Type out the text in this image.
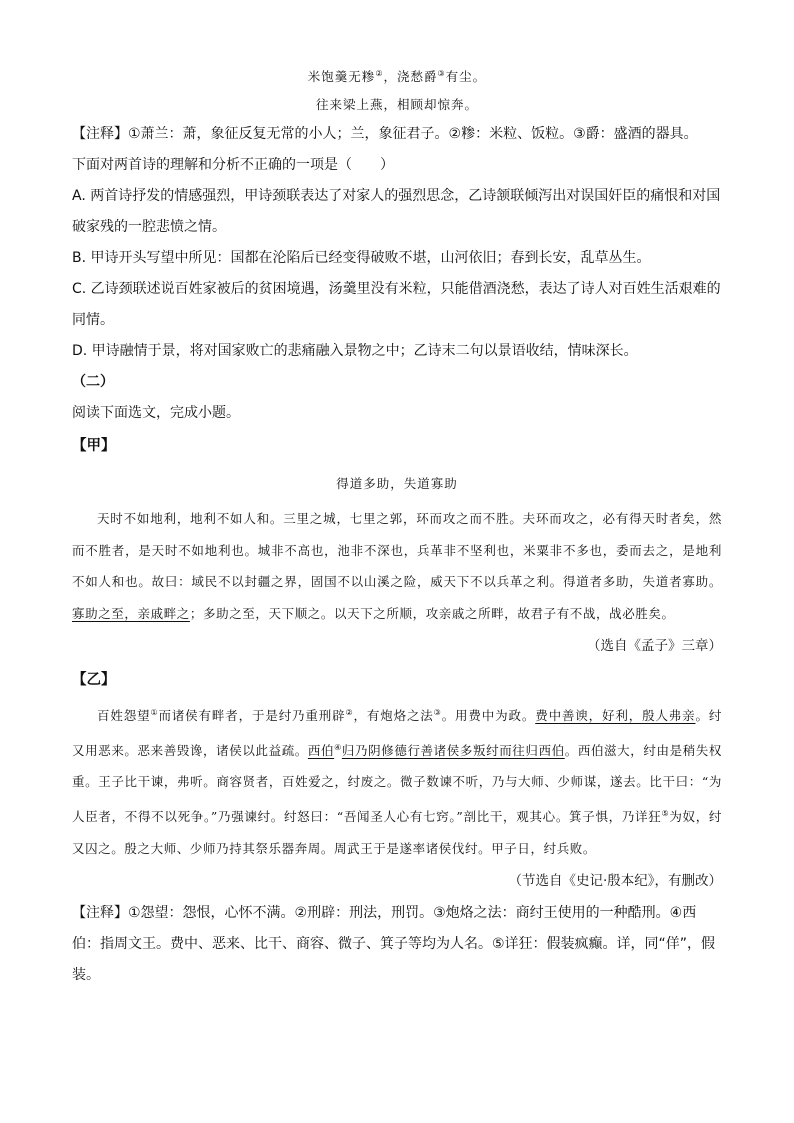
米饱羹无糁②，浇愁爵③有尘。
往来梁上燕，相顾却惊奔。

【注释】①萧兰：萧，象征反复无常的小人；兰，象征君子。②糁：米粒、饭粒。③爵：盛酒的器具。

下面对两首诗的理解和分析不正确的一项是（　　）

A. 两首诗抒发的情感强烈，甲诗颈联表达了对家人的强烈思念，乙诗颔联倾泻出对误国奸臣的痛恨和对国破家残的一腔悲愤之情。

B. 甲诗开头写望中所见：国都在沦陷后已经变得破败不堪，山河依旧；春到长安，乱草丛生。

C. 乙诗颈联述说百姓家被后的贫困境遇，汤羹里没有米粒，只能借酒浇愁，表达了诗人对百姓生活艰难的同情。

D. 甲诗融情于景，将对国家败亡的悲痛融入景物之中；乙诗末二句以景语收结，情味深长。

（二）

阅读下面选文，完成小题。

【甲】
得道多助，失道寡助

天时不如地利，地利不如人和。三里之城，七里之郭，环而攻之而不胜。夫环而攻之，必有得天时者矣，然而不胜者，是天时不如地利也。城非不高也，池非不深也，兵革非不坚利也，米粟非不多也，委而去之，是地利不如人和也。故曰：域民不以封疆之界，固国不以山溪之险，威天下不以兵革之利。得道者多助，失道者寡助。寡助之至，亲戚畔之；多助之至，天下顺之。以天下之所顺，攻亲戚之所畔，故君子有不战，战必胜矣。

（选自《孟子》三章）
【乙】

百姓怨望①而诸侯有畔者，于是纣乃重刑辟②，有炮烙之法③。用费中为政。费中善谀，好利，殷人弗亲。纣又用恶来。恶来善毁谗，诸侯以此益疏。西伯④归乃阴修德行善诸侯多叛纣而往归西伯。西伯滋大，纣由是稍失权重。王子比干谏，弗听。商容贤者，百姓爱之，纣废之。微子数谏不听，乃与大师、少师谋，遂去。比干曰：“为人臣者，不得不以死争。”乃强谏纣。纣怒曰：“吾闻圣人心有七窍。”剖比干，观其心。箕子惧，乃详狂⑤为奴，纣又囚之。殷之大师、少师乃持其祭乐器奔周。周武王于是遂率诸侯伐纣。甲子日，纣兵败。

（节选自《史记·殷本纪》，有删改）

【注释】①怨望：怨恨，心怀不满。②刑辟：刑法，刑罚。③炮烙之法：商纣王使用的一种酷刑。④西伯：指周文王。费中、恶来、比干、商容、微子、箕子等均为人名。⑤详狂：假装疯癫。详，同“佯”，假装。
